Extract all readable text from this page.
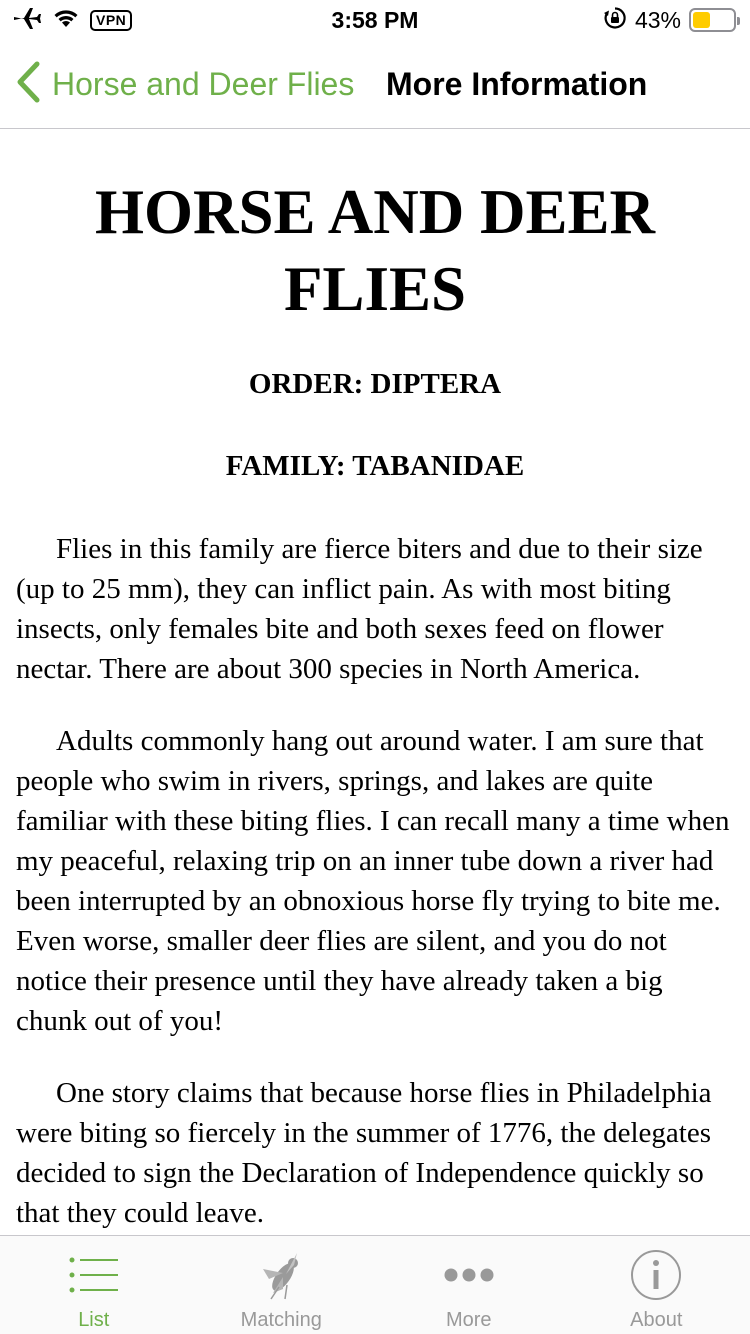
VPN	3:58 PM	43%
Horse and Deer Flies More Information
HORSE AND DEER FLIES
ORDER: DIPTERA
FAMILY: TABANIDAE

Flies in this family are fierce biters and due to their size (up to 25 mm), they can inflict pain. As with most biting insects, only females bite and both sexes feed on flower nectar. There are about 300 species in North America.

Adults commonly hang out around water. I am sure that people who swim in rivers, springs, and lakes are quite familiar with these biting flies. I can recall many a time when my peaceful, relaxing trip on an inner tube down a river had been interrupted by an obnoxious horse fly trying to bite me. Even worse, smaller deer flies are silent, and you do not notice their presence until they have already taken a big chunk out of you!

One story claims that because horse flies in Philadelphia were biting so fiercely in the summer of 1776, the delegates decided to sign the Declaration of Independence quickly so that they could leave.

List	Matching	More	About
